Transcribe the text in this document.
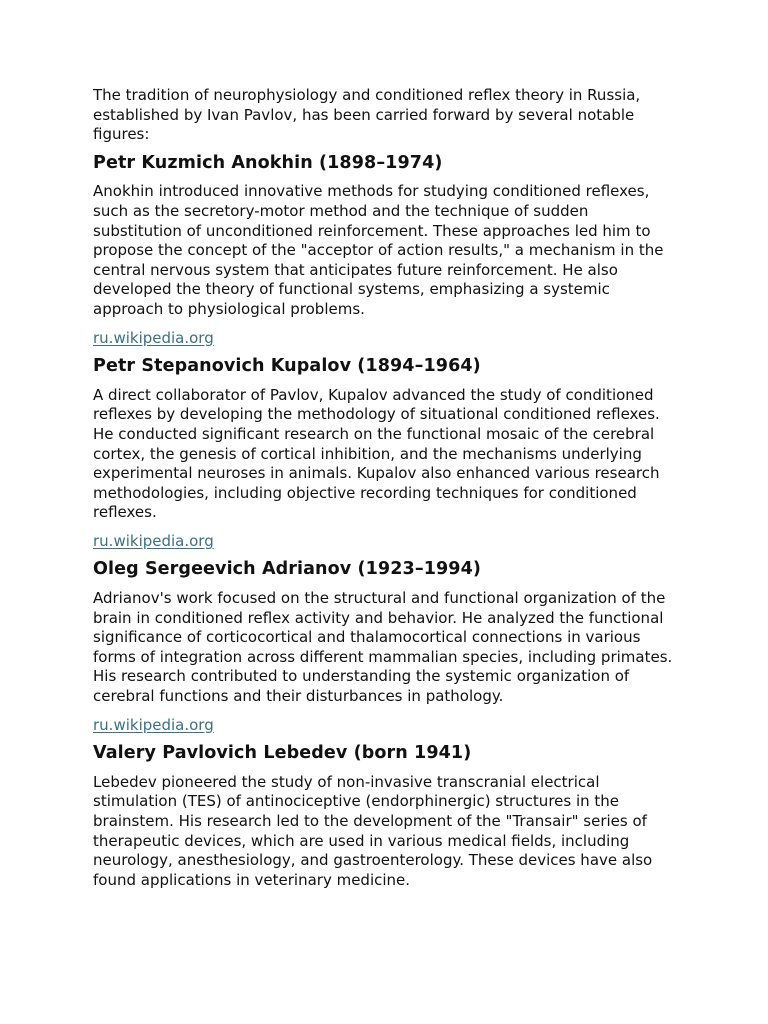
The tradition of neurophysiology and conditioned reflex theory in Russia, established by Ivan Pavlov, has been carried forward by several notable figures:

Petr Kuzmich Anokhin (1898–1974)

Anokhin introduced innovative methods for studying conditioned reflexes, such as the secretory-motor method and the technique of sudden substitution of unconditioned reinforcement. These approaches led him to propose the concept of the "acceptor of action results," a mechanism in the central nervous system that anticipates future reinforcement. He also developed the theory of functional systems, emphasizing a systemic approach to physiological problems.

ru.wikipedia.org
Petr Stepanovich Kupalov (1894–1964)

A direct collaborator of Pavlov, Kupalov advanced the study of conditioned reflexes by developing the methodology of situational conditioned reflexes. He conducted significant research on the functional mosaic of the cerebral cortex, the genesis of cortical inhibition, and the mechanisms underlying experimental neuroses in animals. Kupalov also enhanced various research methodologies, including objective recording techniques for conditioned reflexes.

ru.wikipedia.org
Oleg Sergeevich Adrianov (1923–1994)

Adrianov's work focused on the structural and functional organization of the brain in conditioned reflex activity and behavior. He analyzed the functional significance of corticocortical and thalamocortical connections in various forms of integration across different mammalian species, including primates. His research contributed to understanding the systemic organization of cerebral functions and their disturbances in pathology.

ru.wikipedia.org
Valery Pavlovich Lebedev (born 1941)

Lebedev pioneered the study of non-invasive transcranial electrical stimulation (TES) of antinociceptive (endorphinergic) structures in the brainstem. His research led to the development of the "Transair" series of therapeutic devices, which are used in various medical fields, including neurology, anesthesiology, and gastroenterology. These devices have also found applications in veterinary medicine.
